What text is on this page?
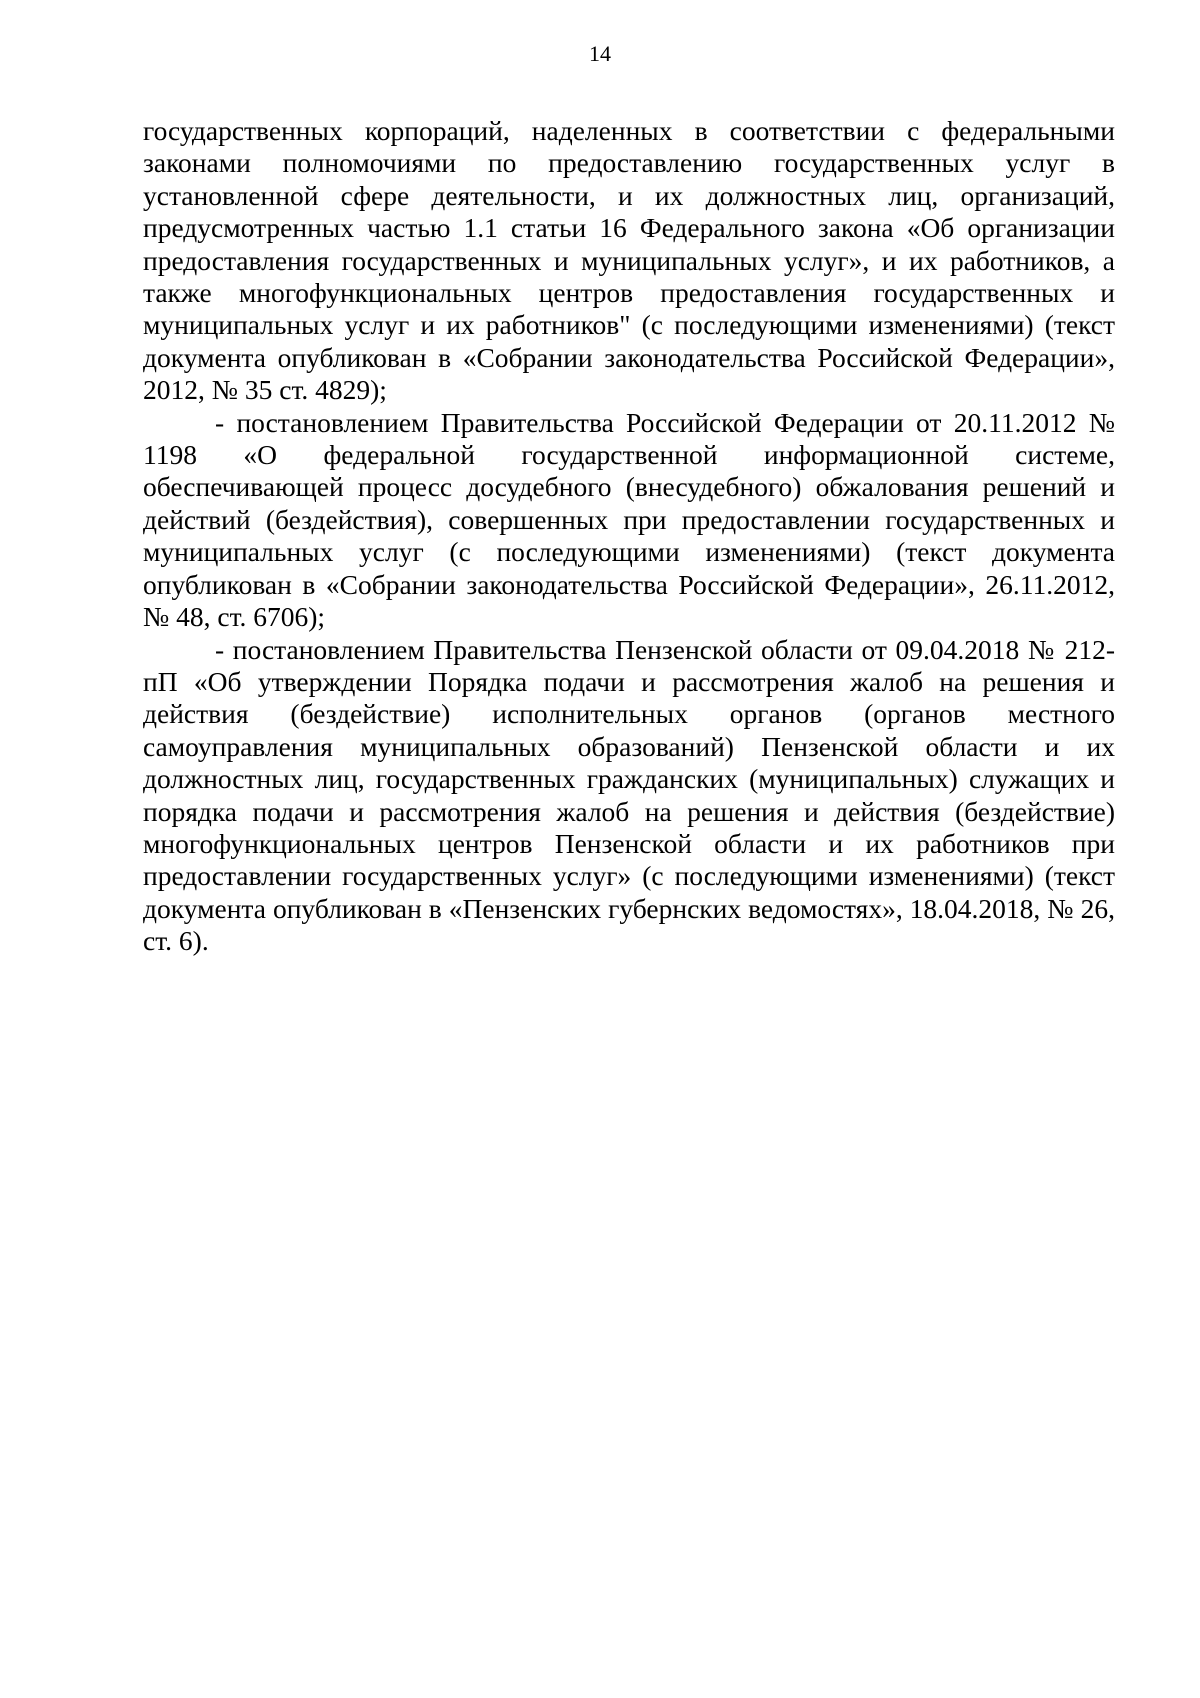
14

государственных корпораций, наделенных в соответствии с федеральными законами полномочиями по предоставлению государственных услуг в установленной сфере деятельности, и их должностных лиц, организаций, предусмотренных частью 1.1 статьи 16 Федерального закона «Об организации предоставления государственных и муниципальных услуг», и их работников, а также многофункциональных центров предоставления государственных и муниципальных услуг и их работников" (с последующими изменениями) (текст документа опубликован в «Собрании законодательства Российской Федерации», 2012, № 35 ст. 4829);

- постановлением Правительства Российской Федерации от 20.11.2012 № 1198 «О федеральной государственной информационной системе, обеспечивающей процесс досудебного (внесудебного) обжалования решений и действий (бездействия), совершенных при предоставлении государственных и муниципальных услуг (с последующими изменениями) (текст документа опубликован в «Собрании законодательства Российской Федерации», 26.11.2012, № 48, ст. 6706);

- постановлением Правительства Пензенской области от 09.04.2018 № 212-пП «Об утверждении Порядка подачи и рассмотрения жалоб на решения и действия (бездействие) исполнительных органов (органов местного самоуправления муниципальных образований) Пензенской области и их должностных лиц, государственных гражданских (муниципальных) служащих и порядка подачи и рассмотрения жалоб на решения и действия (бездействие) многофункциональных центров Пензенской области и их работников при предоставлении государственных услуг» (с последующими изменениями) (текст документа опубликован в «Пензенских губернских ведомостях», 18.04.2018, № 26, ст. 6).
